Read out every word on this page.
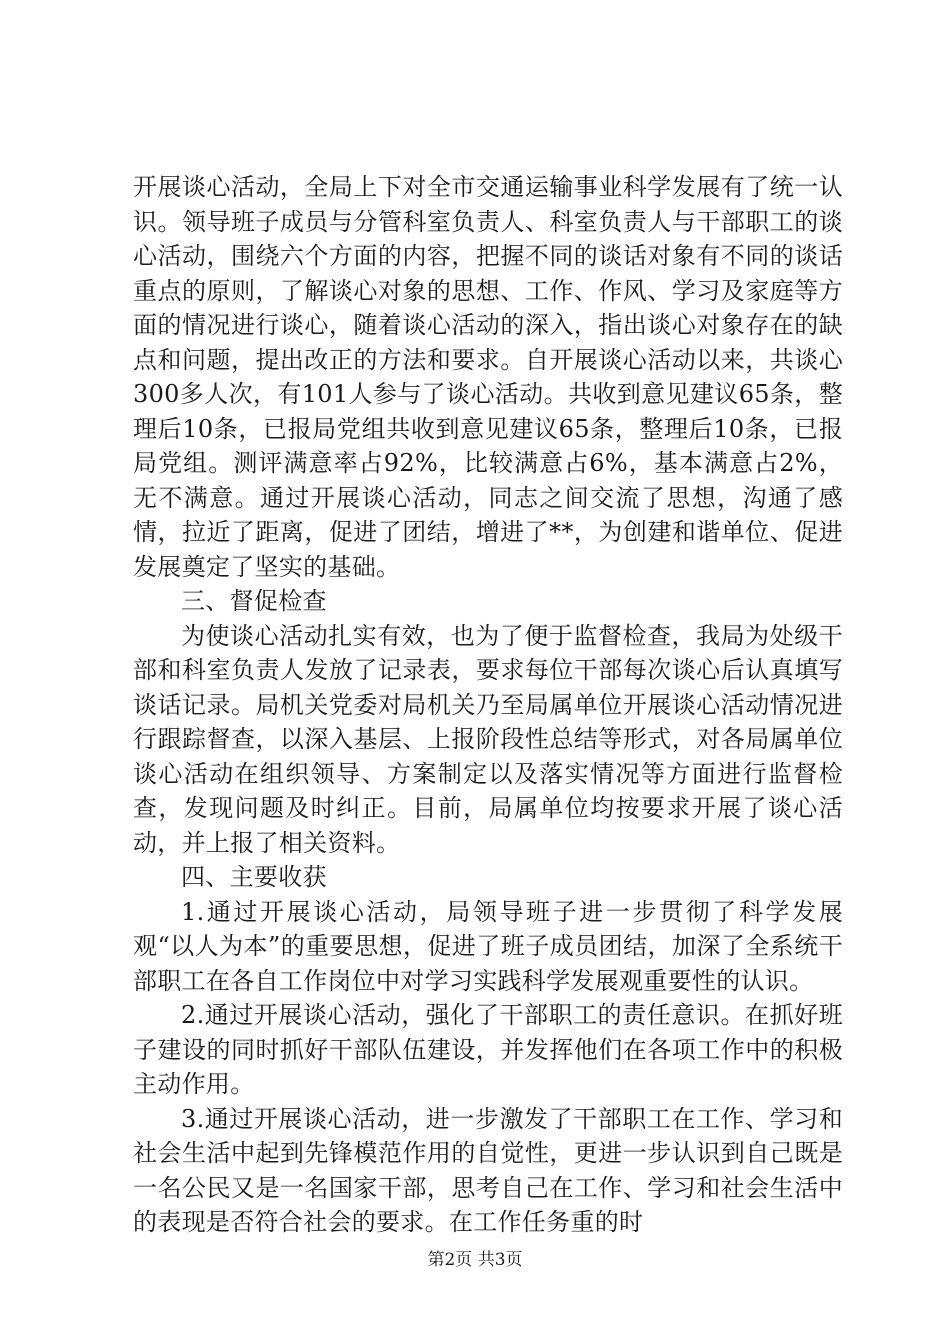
开展谈心活动，全局上下对全市交通运输事业科学发展有了统一认识。领导班子成员与分管科室负责人、科室负责人与干部职工的谈心活动，围绕六个方面的内容，把握不同的谈话对象有不同的谈话重点的原则，了解谈心对象的思想、工作、作风、学习及家庭等方面的情况进行谈心，随着谈心活动的深入，指出谈心对象存在的缺点和问题，提出改正的方法和要求。自开展谈心活动以来，共谈心300多人次，有101人参与了谈心活动。共收到意见建议65条，整理后10条，已报局党组共收到意见建议65条，整理后10条，已报局党组。测评满意率占92%，比较满意占6%，基本满意占2%，无不满意。通过开展谈心活动，同志之间交流了思想，沟通了感情，拉近了距离，促进了团结，增进了**，为创建和谐单位、促进发展奠定了坚实的基础。

三、督促检查

为使谈心活动扎实有效，也为了便于监督检查，我局为处级干部和科室负责人发放了记录表，要求每位干部每次谈心后认真填写谈话记录。局机关党委对局机关乃至局属单位开展谈心活动情况进行跟踪督查，以深入基层、上报阶段性总结等形式，对各局属单位谈心活动在组织领导、方案制定以及落实情况等方面进行监督检查，发现问题及时纠正。目前，局属单位均按要求开展了谈心活动，并上报了相关资料。

四、主要收获

1.通过开展谈心活动，局领导班子进一步贯彻了科学发展观“以人为本”的重要思想，促进了班子成员团结，加深了全系统干部职工在各自工作岗位中对学习实践科学发展观重要性的认识。

2.通过开展谈心活动，强化了干部职工的责任意识。在抓好班子建设的同时抓好干部队伍建设，并发挥他们在各项工作中的积极主动作用。

3.通过开展谈心活动，进一步激发了干部职工在工作、学习和社会生活中起到先锋模范作用的自觉性，更进一步认识到自己既是一名公民又是一名国家干部，思考自己在工作、学习和社会生活中的表现是否符合社会的要求。在工作任务重的时

第2页 共3页
